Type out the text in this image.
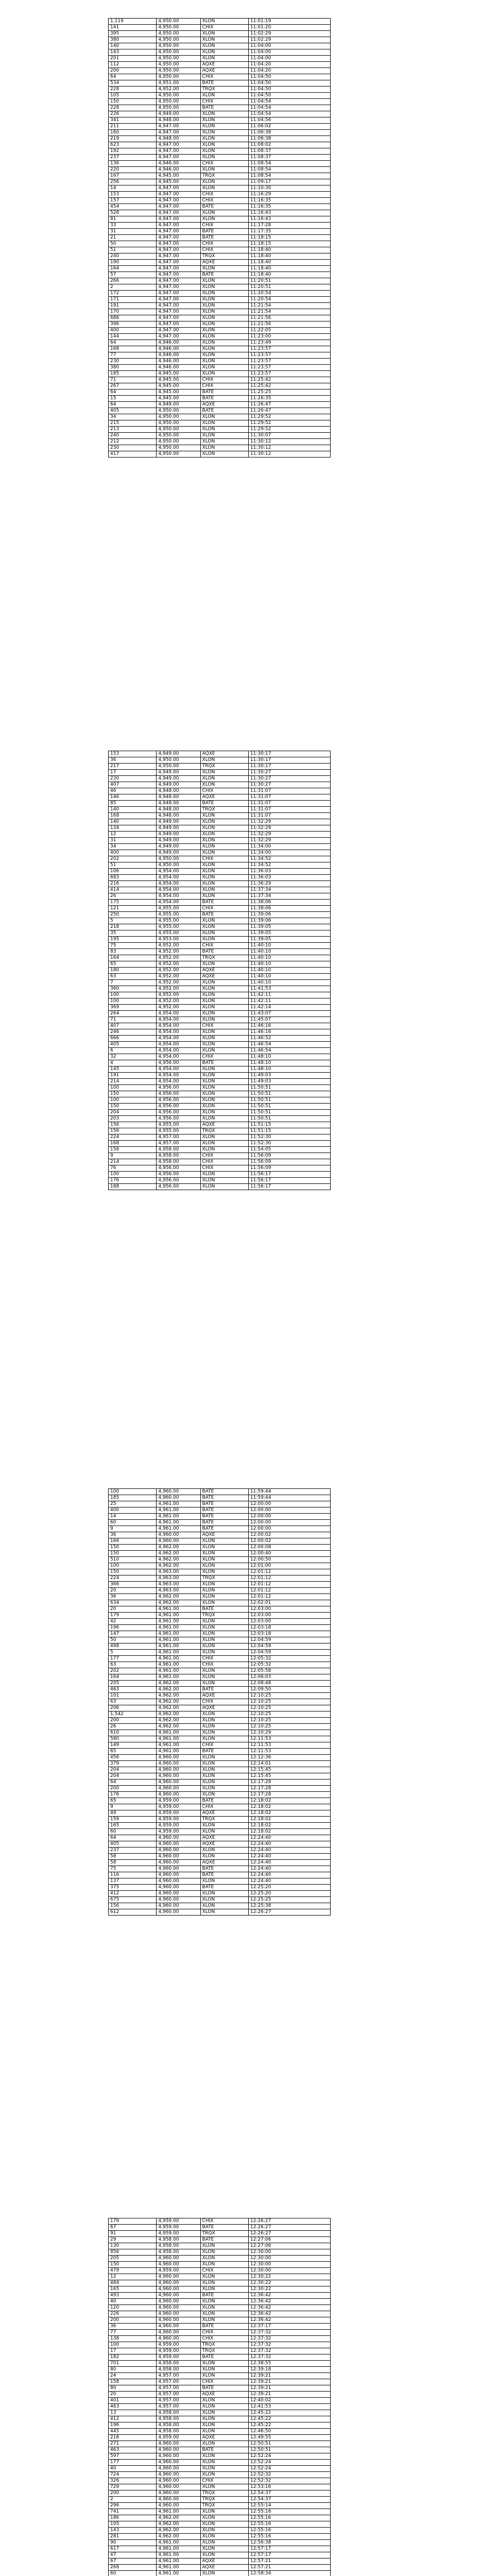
1,119	4,950.00	XLON	11:01:19
141	4,950.00	CHIX	11:01:20
395	4,950.00	XLON	11:02:29
380	4,950.00	XLON	11:02:29
140	4,950.00	XLON	11:04:00
143	4,950.00	XLON	11:04:00
201	4,950.00	XLON	11:04:00
112	4,950.00	AQXE	11:04:20
200	4,950.00	AQXE	11:04:20
64	4,950.00	CHIX	11:04:50
534	4,951.00	BATE	11:04:50
228	4,952.00	TRQX	11:04:50
105	4,950.00	XLON	11:04:50
150	4,950.00	CHIX	11:04:54
228	4,950.00	BATE	11:04:54
226	4,949.00	XLON	11:04:54
341	4,948.00	XLON	11:04:56
211	4,947.00	XLON	11:06:02
160	4,947.00	XLON	11:06:38
219	4,948.00	XLON	11:06:38
623	4,947.00	XLON	11:08:02
192	4,947.00	XLON	11:08:37
237	4,947.00	XLON	11:08:37
136	4,946.00	CHIX	11:08:54
220	4,946.00	XLON	11:08:54
167	4,945.00	TRQX	11:08:54
256	4,945.00	XLON	11:09:17
14	4,947.00	XLON	11:10:30
153	4,947.00	CHIX	11:16:29
157	4,947.00	CHIX	11:16:35
454	4,947.00	BATE	11:16:35
528	4,947.00	XLON	11:16:43
81	4,947.00	XLON	11:16:43
33	4,947.00	CHIX	11:17:28
31	4,947.00	BATE	11:17:35
21	4,947.00	BATE	11:18:15
50	4,947.00	CHIX	11:18:15
51	4,947.00	CHIX	11:18:40
240	4,947.00	TRQX	11:18:40
190	4,947.00	AQXE	11:18:40
164	4,947.00	XLON	11:18:40
57	4,947.00	BATE	11:18:40
266	4,947.00	XLON	11:20:51
2	4,947.00	XLON	11:20:51
172	4,947.00	XLON	11:20:54
171	4,947.00	XLON	11:20:54
191	4,947.00	XLON	11:21:54
170	4,947.00	XLON	11:21:54
686	4,947.00	XLON	11:21:56
396	4,947.00	XLON	11:21:56
400	4,947.00	XLON	11:22:05
144	4,947.00	XLON	11:23:00
64	4,946.00	XLON	11:23:49
168	4,946.00	XLON	11:23:57
77	4,946.00	XLON	11:23:57
230	4,946.00	XLON	11:23:57
380	4,946.00	XLON	11:23:57
185	4,945.00	XLON	11:23:57
71	4,945.00	CHIX	11:25:42
267	4,945.00	CHIX	11:25:42
64	4,945.00	BATE	11:25:25
15	4,945.00	BATE	11:26:35
64	4,949.00	AQXE	11:26:47
405	4,950.00	BATE	11:26:47
34	4,950.00	XLON	11:29:52
215	4,950.00	XLON	11:29:52
213	4,950.00	XLON	11:29:52
240	4,950.00	XLON	11:30:07
212	4,950.00	XLON	11:30:12
230	4,950.00	XLON	11:30:12
417	4,950.00	XLON	11:30:12
153	4,949.00	AQXE	11:30:17
36	4,950.00	XLON	11:30:17
217	4,950.00	TRQX	11:30:17
17	4,949.00	XLON	11:30:27
230	4,949.00	XLON	11:30:27
407	4,949.00	XLON	11:30:27
46	4,948.00	CHIX	11:31:07
146	4,948.00	AQXE	11:31:07
85	4,948.00	BATE	11:31:07
140	4,948.00	TRQX	11:31:07
168	4,948.00	XLON	11:31:07
140	4,949.00	XLON	11:32:29
134	4,949.00	XLON	11:32:29
12	4,949.00	XLON	11:32:29
31	4,949.00	XLON	11:32:29
34	4,949.00	XLON	11:34:00
400	4,949.00	XLON	11:34:00
202	4,950.00	CHIX	11:34:52
51	4,950.00	XLON	11:34:52
106	4,954.00	XLON	11:36:03
683	4,954.00	XLON	11:36:03
216	4,954.00	XLON	11:36:29
414	4,954.00	XLON	11:37:34
26	4,954.00	XLON	11:37:34
175	4,954.00	BATE	11:38:06
121	4,955.00	CHIX	11:38:06
250	4,955.00	BATE	11:39:06
5	4,955.00	XLON	11:39:06
218	4,955.00	XLON	11:39:05
35	4,955.00	XLON	11:39:05
195	4,953.00	XLON	11:39:05
75	4,952.00	CHIX	11:40:10
83	4,952.00	BATE	11:40:10
164	4,952.00	TRQX	11:40:10
65	4,952.00	XLON	11:40:10
180	4,952.00	AQXE	11:40:10
63	4,952.00	AQXE	11:40:10
7	4,952.00	XLON	11:40:10
360	4,952.00	XLON	11:41:53
100	4,952.00	XLON	11:42:11
100	4,952.00	XLON	11:42:11
369	4,952.00	XLON	11:42:14
264	4,954.00	XLON	11:43:07
71	4,954.00	XLON	11:45:07
407	4,954.00	CHIX	11:46:16
246	4,954.00	XLON	11:46:16
666	4,954.00	XLON	11:46:52
405	4,954.00	XLON	11:46:54
6	4,954.00	XLON	11:46:54
32	4,954.00	CHIX	11:48:10
4	4,956.00	BATE	11:48:10
145	4,954.00	XLON	11:48:10
191	4,954.00	XLON	11:49:03
214	4,954.00	XLON	11:49:03
100	4,956.00	XLON	11:50:51
150	4,956.00	XLON	11:50:51
100	4,956.00	XLON	11:50:51
150	4,956.00	XLON	11:50:51
204	4,956.00	XLON	11:50:51
203	4,956.00	XLON	11:50:51
156	4,955.00	AQXE	11:51:15
156	4,955.00	TRQX	11:51:15
224	4,957.00	XLON	11:52:30
168	4,957.00	XLON	11:52:30
158	4,958.00	XLON	11:54:05
9	4,958.00	CHIX	11:56:09
214	4,958.00	CHIX	11:56:09
76	4,956.00	CHIX	11:56:09
100	4,956.00	XLON	11:56:17
176	4,956.00	XLON	11:56:17
188	4,956.00	XLON	11:56:17
100	4,960.00	BATE	11:59:44
185	4,960.00	BATE	11:59:44
25	4,961.00	BATE	12:00:00
400	4,961.00	BATE	12:00:00
14	4,961.00	BATE	12:00:00
60	4,961.00	BATE	12:00:00
9	4,961.00	BATE	12:00:00
36	4,960.00	AQXE	12:00:02
166	4,960.00	XLON	12:00:02
150	4,962.00	XLON	12:00:08
150	4,962.00	XLON	12:00:40
510	4,962.00	XLON	12:00:50
100	4,962.00	XLON	12:01:00
150	4,963.00	XLON	12:01:12
224	4,963.00	TRQX	12:01:12
366	4,963.00	XLON	12:01:12
20	4,963.00	XLON	12:01:12
36	4,962.00	XLON	12:01:12
634	4,962.00	XLON	12:02:01
20	4,961.00	BATE	12:03:00
179	4,961.00	TRQX	12:03:00
42	4,961.00	XLON	12:03:00
196	4,961.00	XLON	12:03:18
147	4,961.00	XLON	12:03:18
50	4,961.00	XLON	12:04:59
498	4,961.00	XLON	12:04:59
5	4,961.00	XLON	12:04:59
177	4,961.00	CHIX	12:05:32
63	4,961.00	CHIX	12:05:32
202	4,961.00	XLON	12:05:58
164	4,961.00	XLON	12:06:03
205	4,962.00	XLON	12:08:48
463	4,962.00	BATE	12:09:50
101	4,962.00	AQXE	12:10:25
63	4,962.00	CHIX	12:10:25
206	4,962.00	AQXE	12:10:25
1,542	4,962.00	XLON	12:10:25
200	4,962.00	XLON	12:10:25
26	4,962.00	XLON	12:10:25
610	4,961.00	XLON	12:10:29
580	4,961.00	XLON	12:11:53
149	4,961.00	CHIX	12:11:53
65	4,961.00	BATE	12:11:53
456	4,960.00	XLON	12:12:36
379	4,960.00	XLON	12:14:01
204	4,960.00	XLON	12:15:45
204	4,960.00	XLON	12:15:45
64	4,960.00	XLON	12:17:28
200	4,960.00	XLON	12:17:28
176	4,960.00	XLON	12:17:28
65	4,959.00	BATE	12:18:02
9	4,959.00	CHIX	12:18:02
49	4,959.00	AQXE	12:18:02
159	4,959.00	TRQX	12:18:02
165	4,959.00	XLON	12:18:02
60	4,959.00	XLON	12:18:02
64	4,960.00	AQXE	12:24:40
405	4,960.00	AQXE	12:24:40
237	4,960.00	XLON	12:24:40
58	4,960.00	XLON	12:24:40
58	4,960.00	AQXE	12:24:40
75	4,960.00	BATE	12:24:40
116	4,960.00	BATE	12:24:40
137	4,960.00	XLON	12:24:40
375	4,960.00	BATE	12:25:20
412	4,960.00	XLON	12:25:20
675	4,960.00	XLON	12:25:25
156	4,960.00	XLON	12:25:38
612	4,960.00	XLON	12:26:27
179	4,959.00	CHIX	12:26:27
67	4,959.00	BATE	12:26:27
91	4,959.00	TRQX	12:26:27
29	4,958.00	BATE	12:27:06
130	4,958.00	XLON	12:27:06
856	4,958.00	XLON	12:30:00
205	4,960.00	XLON	12:30:00
150	4,960.00	XLON	12:30:00
479	4,959.00	CHIX	12:30:00
12	4,960.00	XLON	12:30:22
484	4,960.00	XLON	12:30:22
165	4,960.00	XLON	12:30:22
493	4,960.00	BATE	12:36:42
40	4,960.00	XLON	12:36:42
120	4,960.00	XLON	12:36:42
226	4,960.00	XLON	12:36:42
200	4,960.00	XLON	12:36:42
36	4,960.00	BATE	12:37:17
77	4,960.00	CHIX	12:37:32
138	4,960.00	CHIX	12:37:32
100	4,959.00	TRQX	12:37:32
17	4,959.00	TRQX	12:37:32
182	4,959.00	BATE	12:37:32
701	4,958.00	XLON	12:38:55
80	4,958.00	XLON	12:39:18
24	4,957.00	XLON	12:39:21
158	4,957.00	CHIX	12:39:21
80	4,957.00	BATE	12:39:21
20	4,957.00	AQXE	12:39:21
401	4,957.00	XLON	12:40:02
463	4,957.00	XLON	12:41:53
13	4,958.00	XLON	12:45:22
412	4,958.00	XLON	12:45:22
196	4,958.00	XLON	12:45:22
445	4,958.00	XLON	12:46:50
218	4,959.00	AQXE	12:49:55
271	4,960.00	XLON	12:50:51
463	4,960.00	BATE	12:50:51
597	4,960.00	XLON	12:52:24
177	4,960.00	XLON	12:52:24
40	4,960.00	XLON	12:52:24
724	4,960.00	XLON	12:52:32
326	4,960.00	CHIX	12:52:32
729	4,960.00	XLON	12:53:16
200	4,960.00	TRQX	12:54:37
2	4,960.00	TRQX	12:54:37
296	4,960.00	TRQX	12:55:14
741	4,961.00	XLON	12:55:16
186	4,962.00	XLON	12:55:16
105	4,962.00	XLON	12:55:16
143	4,962.00	XLON	12:55:16
281	4,962.00	XLON	12:55:16
90	4,961.00	XLON	12:56:38
617	4,961.00	XLON	12:57:17
47	4,961.00	XLON	12:57:17
67	4,961.00	AQXE	12:57:21
268	4,961.00	AQXE	12:57:21
60	4,961.00	XLON	12:58:34
